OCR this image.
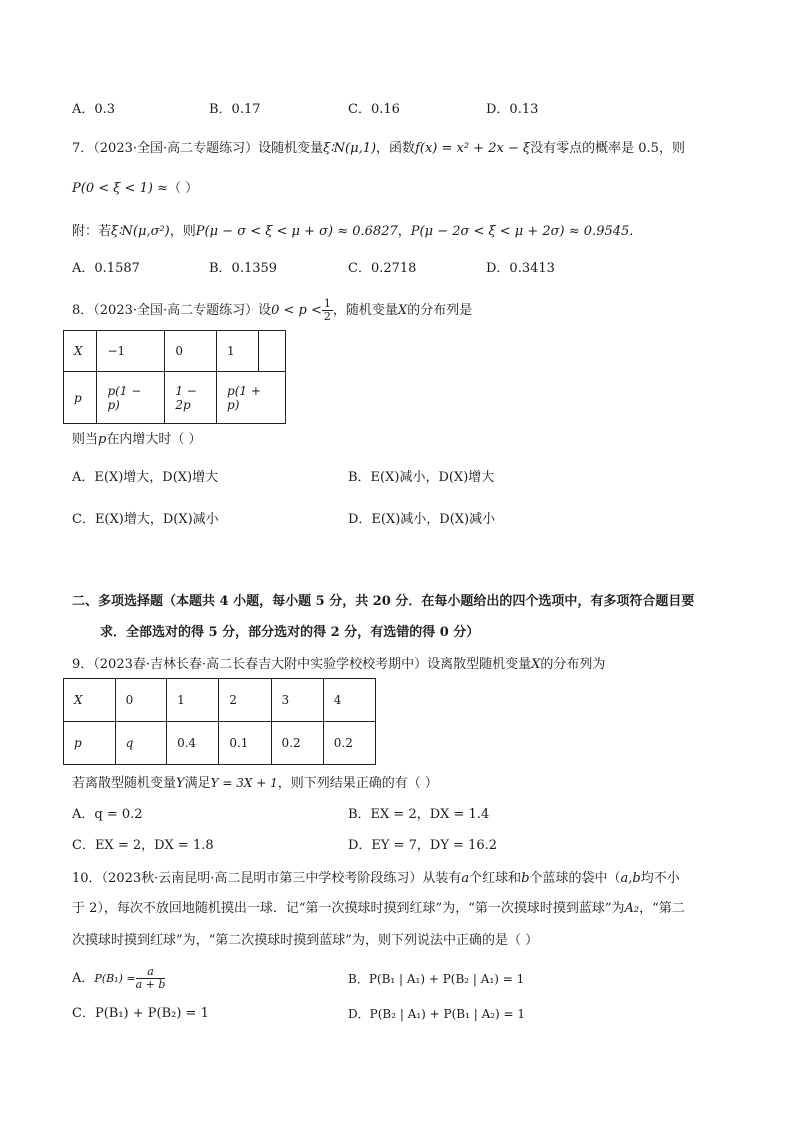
A．0.3	B．0.17	C．0.16	D．0.13
7．（2023·全国·高二专题练习）设随机变量ξ∶N(μ,1)，函数f(x) = x² + 2x − ξ没有零点的概率是 0.5，则
P(0 < ξ < 1) ≈（ ）
附：若ξ∶N(μ,σ²)，则P(μ − σ < ξ < μ + σ) ≈ 0.6827，P(μ − 2σ < ξ < μ + 2σ) ≈ 0.9545.
A．0.1587	B．0.1359	C．0.2718	D．0.3413
8．（2023·全国·高二专题练习）设$0 < p < \frac{1}{2}$ ，随机变量X的分布列是
X	−1	0	1	
p	p(1 − p)	1 − 2p	p(1 + p)	
则当p在内增大时（ ）
A．E(X)增大，D(X)增大	B．E(X)减小，D(X)增大
C．E(X)增大，D(X)减小	D．E(X)减小，D(X)减小
二、多项选择题（本题共 4 小题，每小题 5 分，共 20 分．在每小题给出的四个选项中，有多项符合题目要
求．全部选对的得 5 分，部分选对的得 2 分，有选错的得 0 分）
9．（2023春·吉林长春·高二长春吉大附中实验学校校考期中）设离散型随机变量X的分布列为
X	0	1	2	3	4
p	q	0.4	0.1	0.2	0.2
若离散型随机变量Y满足Y = 3X + 1，则下列结果正确的有（ ）
A．q = 0.2	B．EX = 2，DX = 1.4
C．EX = 2，DX = 1.8	D．EY = 7，DY = 16.2
10．（2023秋·云南昆明·高二昆明市第三中学校考阶段练习）从装有a个红球和b个蓝球的袋中（a,b均不小
于 2），每次不放回地随机摸出一球．记“第一次摸球时摸到红球”为，“第一次摸球时摸到蓝球”为A₂，“第二
次摸球时摸到红球”为，“第二次摸球时摸到蓝球”为，则下列说法中正确的是（ ）
A．$P(B_1) = \frac{a}{a + b}$	B．P(B₁ | A₁) + P(B₂ | A₁) = 1
C．P(B₁) + P(B₂) = 1	D．P(B₂ | A₁) + P(B₁ | A₂) = 1
